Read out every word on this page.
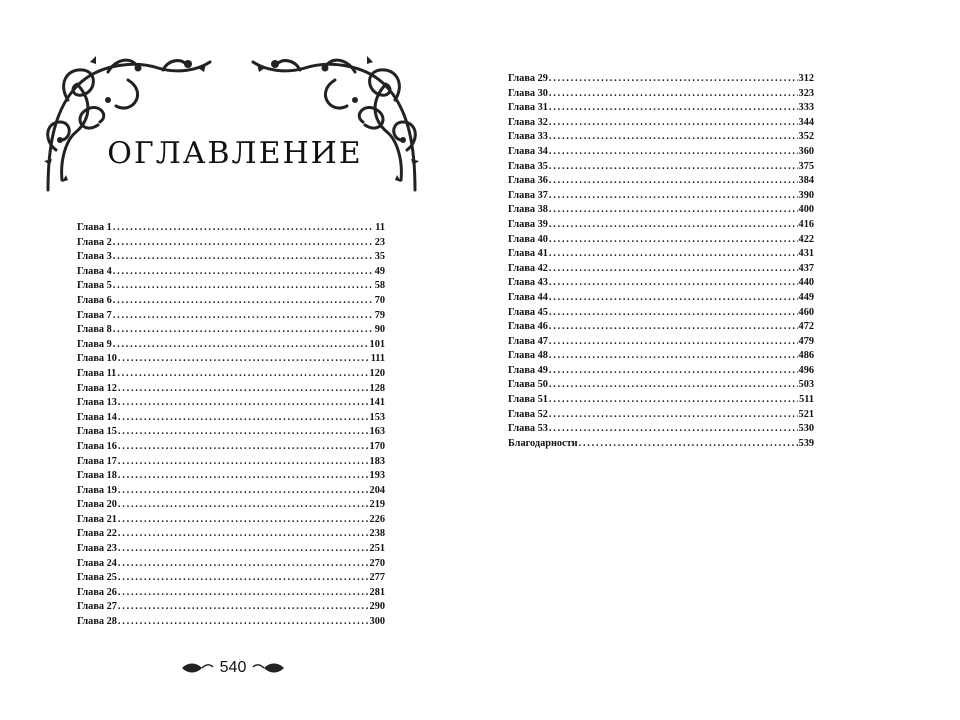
ОГЛАВЛЕНИЕ
Глава 1 . . .	11
Глава 2 . . .	23
Глава 3 . . .	35
Глава 4 . . .	49
Глава 5 . . .	58
Глава 6 . . .	70
Глава 7 . . .	79
Глава 8 . . .	90
Глава 9 . . .	101
Глава 10 . . .	111
Глава 11 . . .	120
Глава 12 . . .	128
Глава 13 . . .	141
Глава 14 . . .	153
Глава 15 . . .	163
Глава 16 . . .	170
Глава 17 . . .	183
Глава 18 . . .	193
Глава 19 . . .	204
Глава 20 . . .	219
Глава 21 . . .	226
Глава 22 . . .	238
Глава 23 . . .	251
Глава 24 . . .	270
Глава 25 . . .	277
Глава 26 . . .	281
Глава 27 . . .	290
Глава 28 . . .	300
540
Глава 29 . . .	312
Глава 30 . . .	323
Глава 31 . . .	333
Глава 32 . . .	344
Глава 33 . . .	352
Глава 34 . . .	360
Глава 35 . . .	375
Глава 36 . . .	384
Глава 37 . . .	390
Глава 38 . . .	400
Глава 39 . . .	416
Глава 40 . . .	422
Глава 41 . . .	431
Глава 42 . . .	437
Глава 43 . . .	440
Глава 44 . . .	449
Глава 45 . . .	460
Глава 46 . . .	472
Глава 47 . . .	479
Глава 48 . . .	486
Глава 49 . . .	496
Глава 50 . . .	503
Глава 51 . . .	511
Глава 52 . . .	521
Глава 53 . . .	530
Благодарности . . .	539
